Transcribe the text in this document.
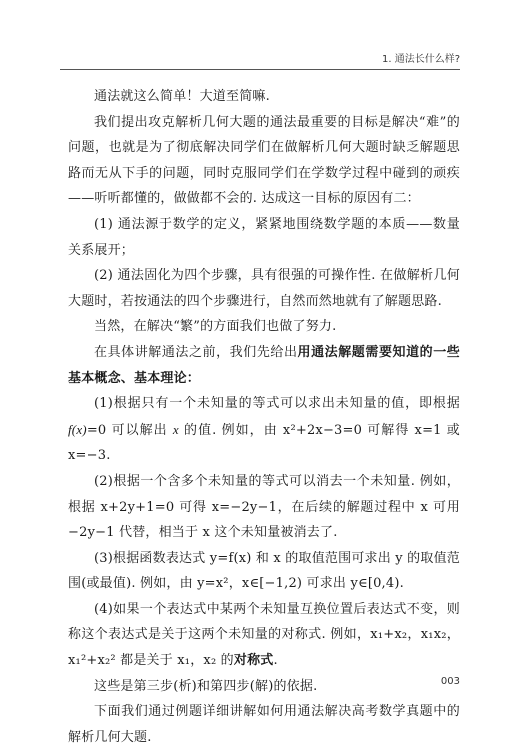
1. 通法长什么样?

通法就这么简单！大道至简嘛.

我们提出攻克解析几何大题的通法最重要的目标是解决“难”的问题，也就是为了彻底解决同学们在做解析几何大题时缺乏解题思路而无从下手的问题，同时克服同学们在学数学过程中碰到的顽疾——听听都懂的，做做都不会的. 达成这一目标的原因有二：

(1) 通法源于数学的定义，紧紧地围绕数学题的本质——数量关系展开；

(2) 通法固化为四个步骤，具有很强的可操作性. 在做解析几何大题时，若按通法的四个步骤进行，自然而然地就有了解题思路.

当然，在解决“繁”的方面我们也做了努力.

在具体讲解通法之前，我们先给出用通法解题需要知道的一些基本概念、基本理论：

(1)根据只有一个未知量的等式可以求出未知量的值，即根据 f(x)=0 可以解出 x 的值. 例如，由 x²+2x−3=0 可解得 x=1 或 x=−3.

(2)根据一个含多个未知量的等式可以消去一个未知量. 例如，根据 x+2y+1=0 可得 x=−2y−1，在后续的解题过程中 x 可用 −2y−1 代替，相当于 x 这个未知量被消去了.

(3)根据函数表达式 y=f(x) 和 x 的取值范围可求出 y 的取值范围(或最值). 例如，由 y=x²，x∈[−1,2) 可求出 y∈[0,4).

(4)如果一个表达式中某两个未知量互换位置后表达式不变，则称这个表达式是关于这两个未知量的对称式. 例如，x₁+x₂，x₁x₂，x₁²+x₂² 都是关于 x₁，x₂ 的对称式.

这些是第三步(析)和第四步(解)的依据.

下面我们通过例题详细讲解如何用通法解决高考数学真题中的解析几何大题.

003
